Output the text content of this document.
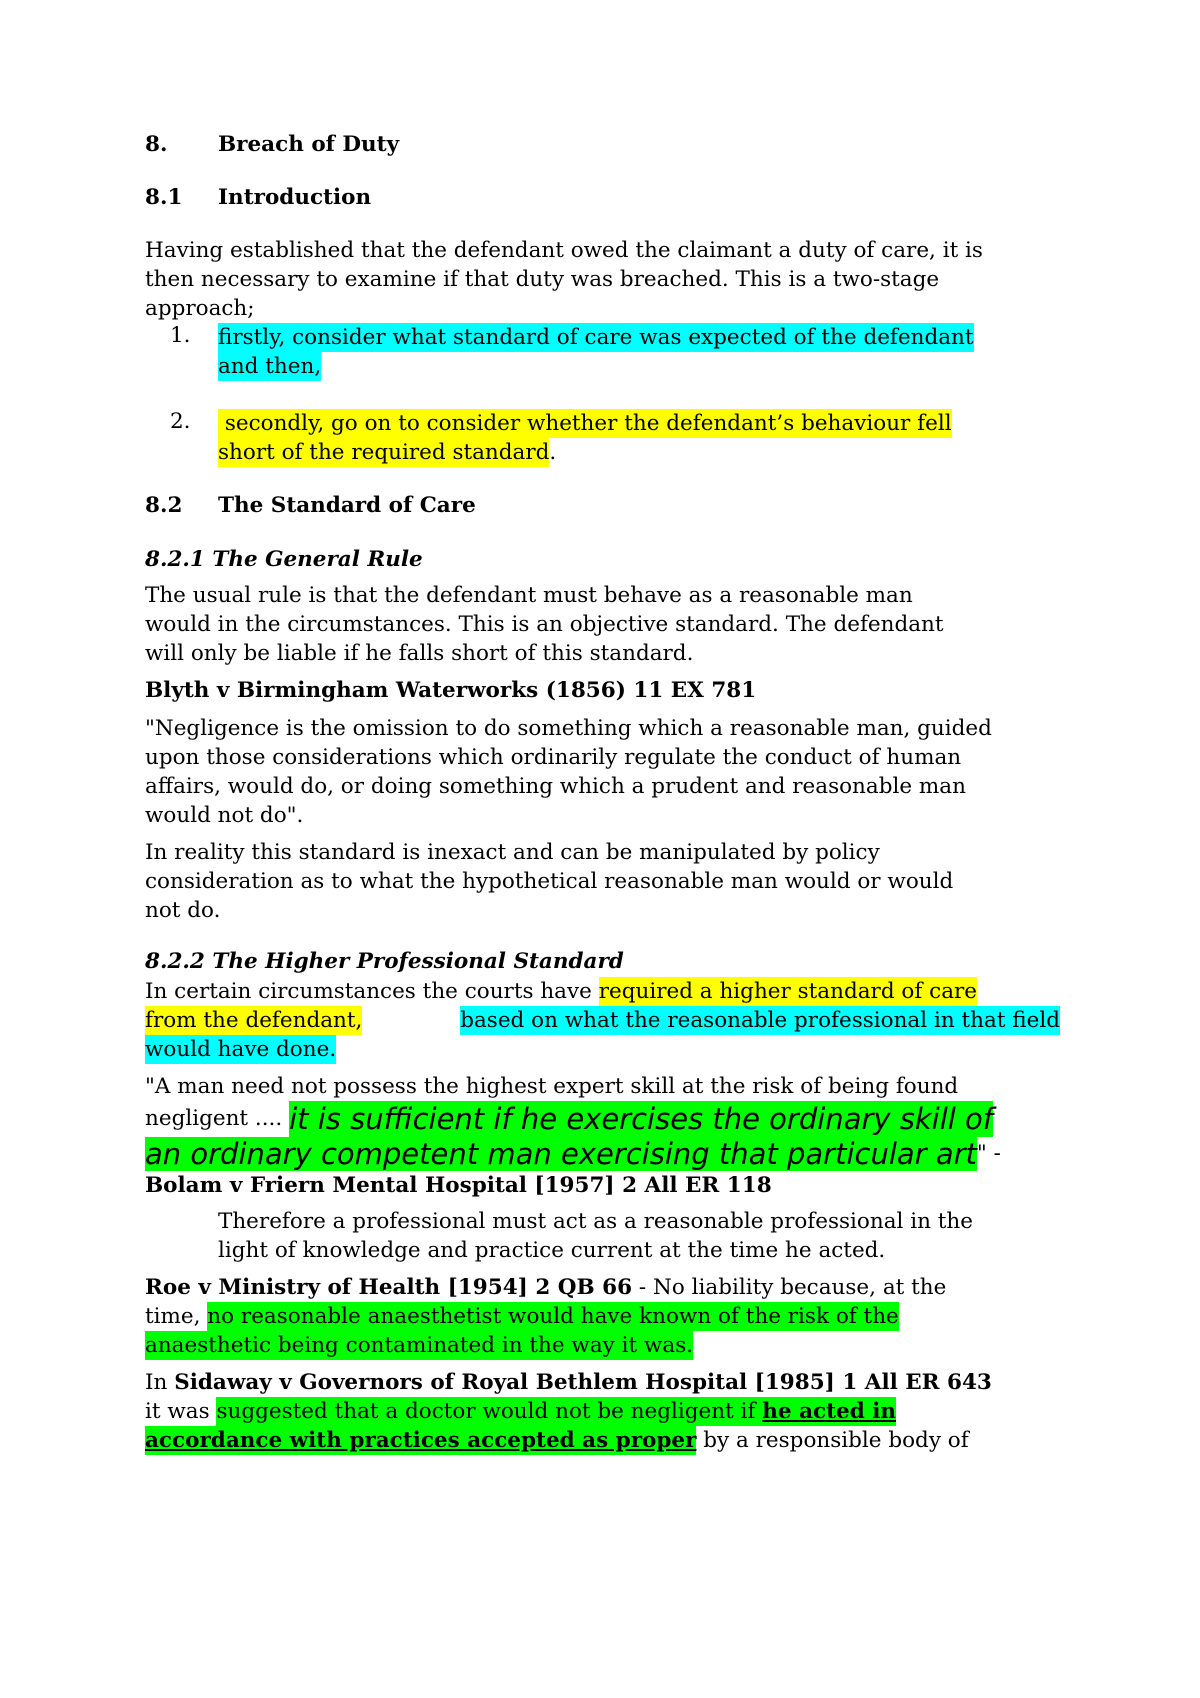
8. Breach of Duty
8.1 Introduction
Having established that the defendant owed the claimant a duty of care, it is
then necessary to examine if that duty was breached. This is a two-stage
approach;
1. firstly, consider what standard of care was expected of the defendant
and then,
2. secondly, go on to consider whether the defendant’s behaviour fell
short of the required standard .
8.2 The Standard of Care
8.2.1 The General Rule
The usual rule is that the defendant must behave as a reasonable man
would in the circumstances. This is an objective standard. The defendant
will only be liable if he falls short of this standard.
Blyth v Birmingham Waterworks (1856) 11 EX 781
"Negligence is the omission to do something which a reasonable man, guided
upon those considerations which ordinarily regulate the conduct of human
affairs, would do, or doing something which a prudent and reasonable man
would not do".
In reality this standard is inexact and can be manipulated by policy
consideration as to what the hypothetical reasonable man would or would
not do.
8.2.2 The Higher Professional Standard
In certain circumstances the courts have required a higher standard of care
from the defendant,	based on what the reasonable professional in that field
would have done.
"A man need not possess the highest expert skill at the risk of being found
negligent .... it is sufficient if he exercises the ordinary skill of
an ordinary competent man exercising that particular art " -
Bolam v Friern Mental Hospital [1957] 2 All ER 118
Therefore a professional must act as a reasonable professional in the
light of knowledge and practice current at the time he acted.
Roe v Ministry of Health [1954] 2 QB 66 - No liability because, at the
time, no reasonable anaesthetist would have known of the risk of the
anaesthetic being contaminated in the way it was.
In Sidaway v Governors of Royal Bethlem Hospital [1985] 1 All ER 643
it was suggested that a doctor would not be negligent if he acted in
accordance with practices accepted as proper by a responsible body of
